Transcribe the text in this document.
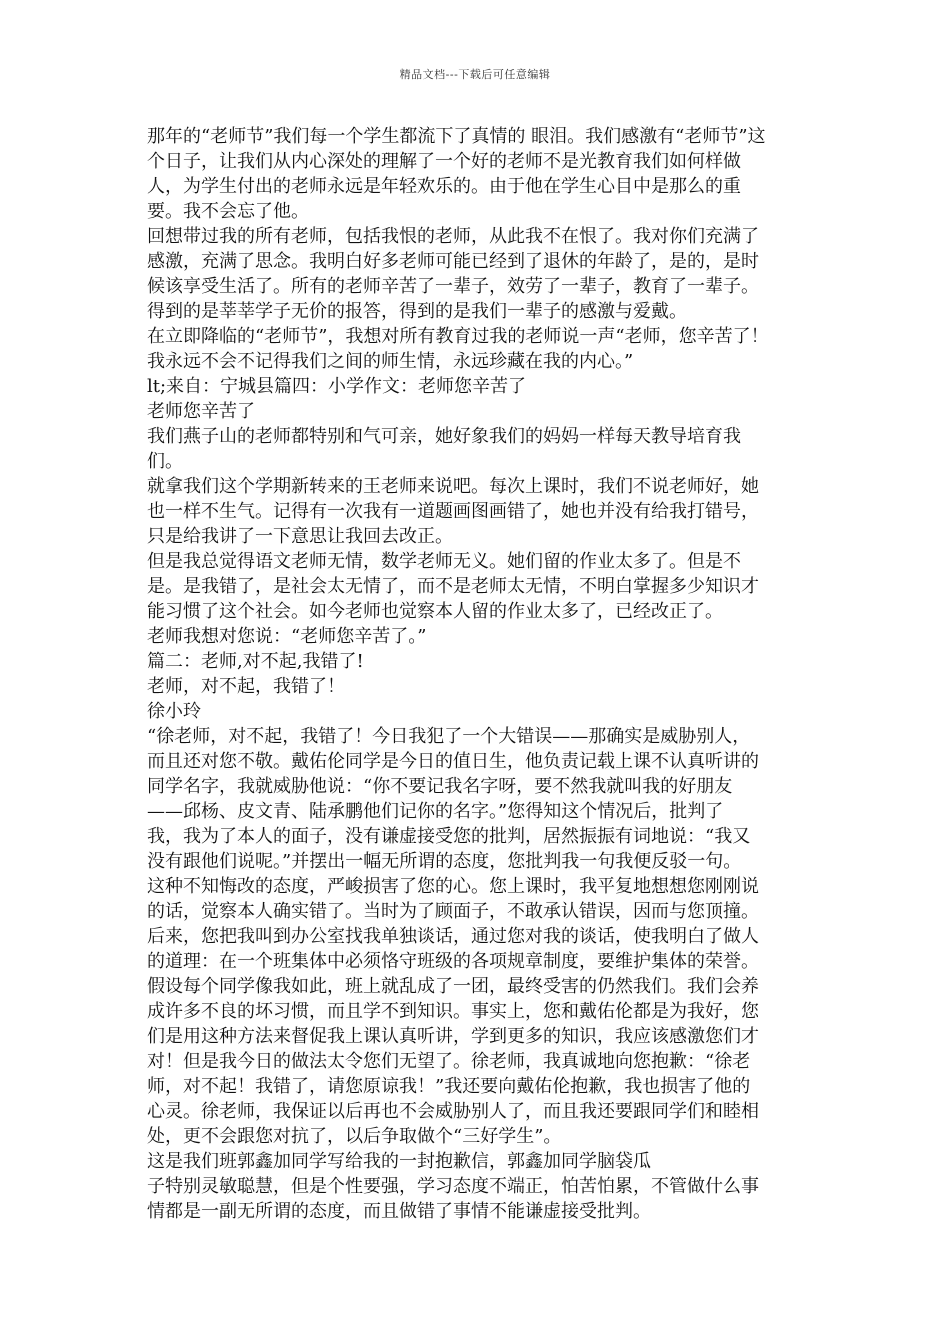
精品文档---下载后可任意编辑
那年的“老师节”我们每一个学生都流下了真情的 眼泪。我们感激有“老师节”这
个日子，让我们从内心深处的理解了一个好的老师不是光教育我们如何样做
人，为学生付出的老师永远是年轻欢乐的。由于他在学生心目中是那么的重
要。我不会忘了他。
回想带过我的所有老师，包括我恨的老师，从此我不在恨了。我对你们充满了
感激，充满了思念。我明白好多老师可能已经到了退休的年龄了，是的，是时
候该享受生活了。所有的老师辛苦了一辈子，效劳了一辈子，教育了一辈子。
得到的是莘莘学子无价的报答，得到的是我们一辈子的感激与爱戴。
在立即降临的“老师节”，我想对所有教育过我的老师说一声“老师，您辛苦了！
我永远不会不记得我们之间的师生情，永远珍藏在我的内心。”
lt;来自：宁城县篇四：小学作文：老师您辛苦了
老师您辛苦了
我们燕子山的老师都特别和气可亲，她好象我们的妈妈一样每天教导培育我
们。
就拿我们这个学期新转来的王老师来说吧。每次上课时，我们不说老师好，她
也一样不生气。记得有一次我有一道题画图画错了，她也并没有给我打错号，
只是给我讲了一下意思让我回去改正。
但是我总觉得语文老师无情，数学老师无义。她们留的作业太多了。但是不
是。是我错了，是社会太无情了，而不是老师太无情，不明白掌握多少知识才
能习惯了这个社会。如今老师也觉察本人留的作业太多了，已经改正了。
老师我想对您说：“老师您辛苦了。”
篇二：老师,对不起,我错了!
老师，对不起，我错了！
徐小玲
“徐老师，对不起，我错了！今日我犯了一个大错误——那确实是威胁别人，
而且还对您不敬。戴佑伦同学是今日的值日生，他负责记载上课不认真听讲的
同学名字，我就威胁他说：“你不要记我名字呀，要不然我就叫我的好朋友
——邱杨、皮文青、陆承鹏他们记你的名字。”您得知这个情况后，批判了
我，我为了本人的面子，没有谦虚接受您的批判，居然振振有词地说：“我又
没有跟他们说呢。”并摆出一幅无所谓的态度，您批判我一句我便反驳一句。
这种不知悔改的态度，严峻损害了您的心。您上课时，我平复地想想您刚刚说
的话，觉察本人确实错了。当时为了顾面子，不敢承认错误，因而与您顶撞。
后来，您把我叫到办公室找我单独谈话，通过您对我的谈话，使我明白了做人
的道理：在一个班集体中必须恪守班级的各项规章制度，要维护集体的荣誉。
假设每个同学像我如此，班上就乱成了一团，最终受害的仍然我们。我们会养
成许多不良的坏习惯，而且学不到知识。事实上，您和戴佑伦都是为我好，您
们是用这种方法来督促我上课认真听讲，学到更多的知识，我应该感激您们才
对！但是我今日的做法太令您们无望了。徐老师，我真诚地向您抱歉：“徐老
师，对不起！我错了，请您原谅我！”我还要向戴佑伦抱歉，我也损害了他的
心灵。徐老师，我保证以后再也不会威胁别人了，而且我还要跟同学们和睦相
处，更不会跟您对抗了，以后争取做个“三好学生”。
这是我们班郭鑫加同学写给我的一封抱歉信，郭鑫加同学脑袋瓜
子特别灵敏聪慧，但是个性要强，学习态度不端正，怕苦怕累，不管做什么事
情都是一副无所谓的态度，而且做错了事情不能谦虚接受批判。
